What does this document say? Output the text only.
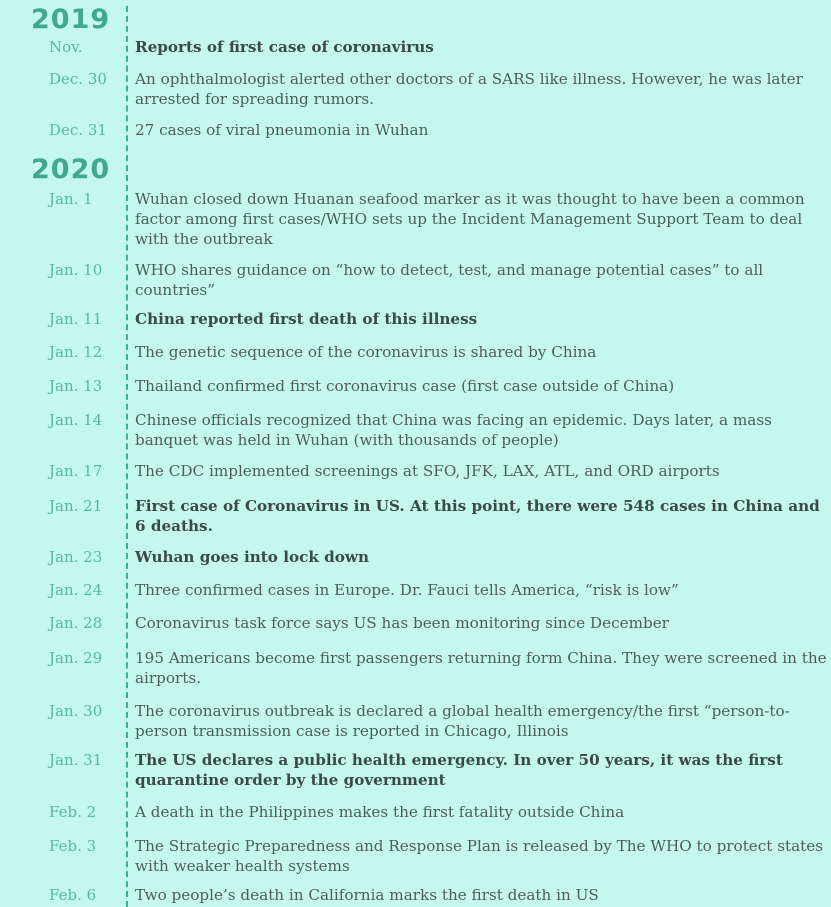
2019
Nov.	Reports of first case of coronavirus
Dec. 30 An ophthalmologist alerted other doctors of a SARS like illness. However, he was later arrested for spreading rumors.
Dec. 31 27 cases of viral pneumonia in Wuhan
2020
Jan. 1	Wuhan closed down Huanan seafood marker as it was thought to have been a common factor among first cases/WHO sets up the Incident Management Support Team to deal with the outbreak
Jan. 10 WHO shares guidance on “how to detect, test, and manage potential cases” to all countries”
Jan. 11 China reported first death of this illness
Jan. 12 The genetic sequence of the coronavirus is shared by China
Jan. 13 Thailand confirmed first coronavirus case (first case outside of China)
Jan. 14 Chinese officials recognized that China was facing an epidemic. Days later, a mass banquet was held in Wuhan (with thousands of people)
Jan. 17 The CDC implemented screenings at SFO, JFK, LAX, ATL, and ORD airports
Jan. 21 First case of Coronavirus in US. At this point, there were 548 cases in China and 6 deaths.
Jan. 23 Wuhan goes into lock down
Jan. 24 Three confirmed cases in Europe. Dr. Fauci tells America, “risk is low”
Jan. 28 Coronavirus task force says US has been monitoring since December
Jan. 29 195 Americans become first passengers returning form China. They were screened in the airports.
Jan. 30 The coronavirus outbreak is declared a global health emergency/the first “person-to-person transmission case is reported in Chicago, Illinois
Jan. 31 The US declares a public health emergency. In over 50 years, it was the first quarantine order by the government
Feb. 2	A death in the Philippines makes the first fatality outside China
Feb. 3	The Strategic Preparedness and Response Plan is released by The WHO to protect states with weaker health systems
Feb. 6	Two people’s death in California marks the first death in US
